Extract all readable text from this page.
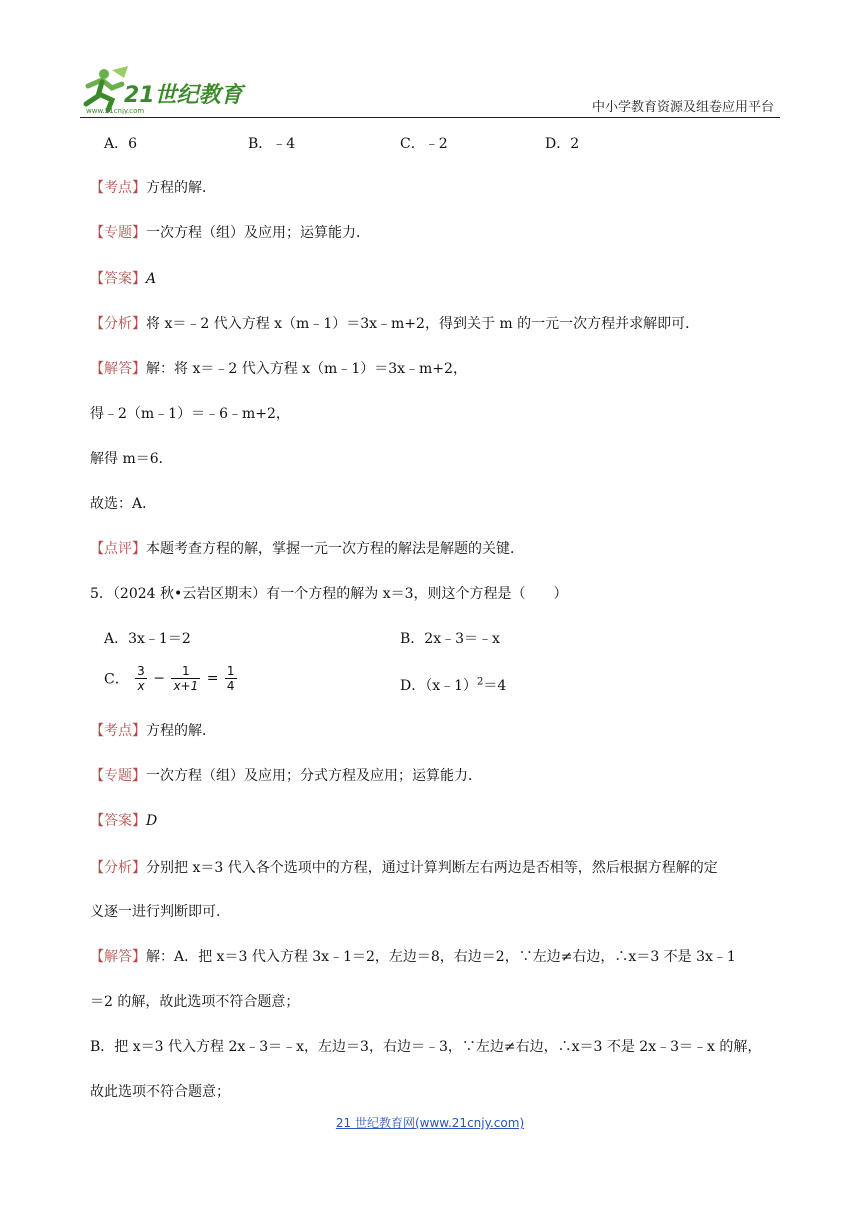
21世纪教育
www.21cnjy.com	中小学教育资源及组卷应用平台
A．6	B．﹣4	C．﹣2	D．2
【考点】方程的解．
【专题】一次方程（组）及应用；运算能力．
【答案】A
【分析】将 x＝﹣2 代入方程 x（m﹣1）＝3x﹣m+2，得到关于 m 的一元一次方程并求解即可．
【解答】解：将 x＝﹣2 代入方程 x（m﹣1）＝3x﹣m+2，
得﹣2（m﹣1）＝﹣6﹣m+2，
解得 m＝6．
故选：A．
【点评】本题考查方程的解，掌握一元一次方程的解法是解题的关键．
5．（2024 秋•云岩区期末）有一个方程的解为 x＝3，则这个方程是（　　）
A．3x﹣1＝2	B．2x﹣3＝﹣x
C． $\frac{3}{x} - \frac{1}{x+1} = \frac{1}{4}$	D．（x﹣1）$^2$＝4
【考点】方程的解．
【专题】一次方程（组）及应用；分式方程及应用；运算能力．
【答案】D
【分析】分别把 x＝3 代入各个选项中的方程，通过计算判断左右两边是否相等，然后根据方程解的定
义逐一进行判断即可．
【解答】解：A．把 x＝3 代入方程 3x﹣1＝2，左边＝8，右边＝2，∵左边≠右边，∴x＝3 不是 3x﹣1
＝2 的解，故此选项不符合题意；
B．把 x＝3 代入方程 2x﹣3＝﹣x，左边＝3，右边＝﹣3，∵左边≠右边，∴x＝3 不是 2x﹣3＝﹣x 的解，
故此选项不符合题意；
21 世纪教育网(www.21cnjy.com)
